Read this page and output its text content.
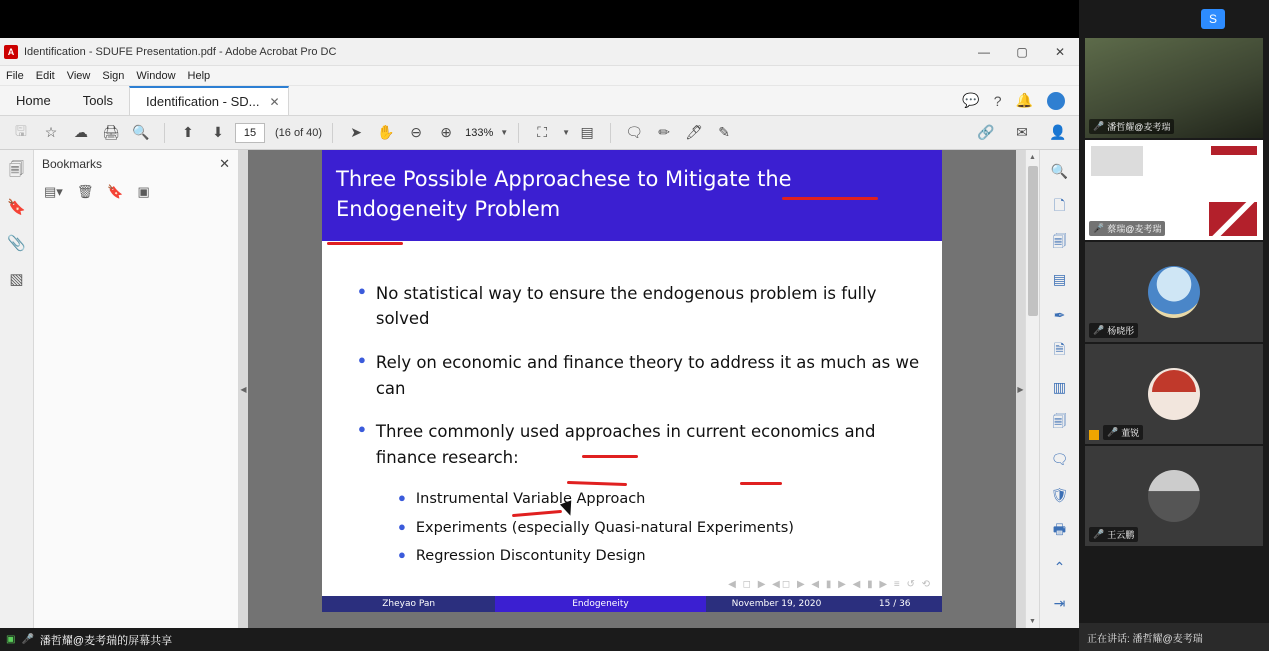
A Identification - SDUFE Presentation.pdf - Adobe Acrobat Pro DC	—	▢	✕
File Edit View Sign Window Help
Home	Tools	Identification - SD... ✕	💬 ? 🔔
🖫	☆	☁	🖨 🔍	⬆	⬇	15	(16 of 40)	➤	✋	⊖	⊕	133% ▼	⛶	▼ ▤	🗨	✏	🖊	✎	🔗	✉	👤
🗐
🔖
📎
▧
Bookmarks	✕
▤▾ 🗑 🔖 ▣
◀
Three Possible Approachese to Mitigate the Endogeneity Problem
● No statistical way to ensure the endogenous problem is fully solved
● Rely on economic and finance theory to address it as much as we can
● Three commonly used approaches in current economics and finance research:
● Instrumental Variable Approach
● Experiments (especially Quasi-natural Experiments)
● Regression Discontunity Design
◀ ◻ ▶ ◀◻ ▶ ◀ ▮ ▶ ◀ ▮ ▶ ≡ ↺ ⟲
Zheyao Pan	Endogeneity	November 19, 2020	15 / 36
▶
▲
▼
🔍
🗋
🗐
▤
✒
🗎
▥
🗐
🗨
🛡
🖶
⌃
⇥
▣ 🎤 潘哲耀@麦考瑞的屏幕共享
S
🎤 潘哲耀@麦考瑞
🎤 蔡瑞@麦考瑞
🎤 杨晓彤
🎤 董锐
🎤 王云鹏
正在讲话: 潘哲耀@麦考瑞
